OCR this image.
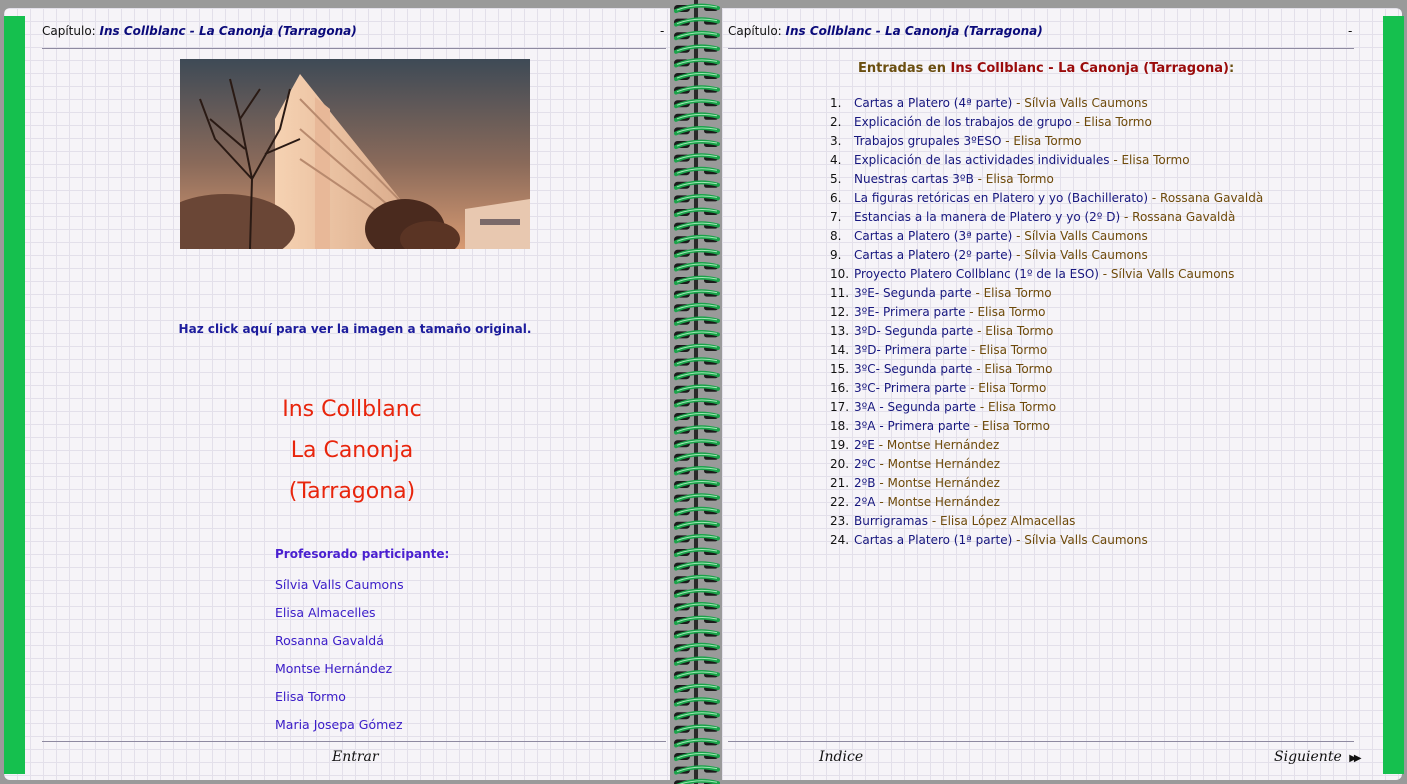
Capítulo: Ins Collblanc - La Canonja (Tarragona)	-
Haz click aquí para ver la imagen a tamaño original.
Ins Collblanc
La Canonja
(Tarragona)
Profesorado participante:
Sílvia Valls Caumons
Elisa Almacelles
Rosanna Gavaldá
Montse Hernández
Elisa Tormo
Maria Josepa Gómez
Entrar
Capítulo: Ins Collblanc - La Canonja (Tarragona)	-
Entradas en Ins Collblanc - La Canonja (Tarragona):
1. Cartas a Platero (4ª parte) - Sílvia Valls Caumons
2. Explicación de los trabajos de grupo - Elisa Tormo
3. Trabajos grupales 3ºESO - Elisa Tormo
4. Explicación de las actividades individuales - Elisa Tormo
5. Nuestras cartas 3ºB - Elisa Tormo
6. La figuras retóricas en Platero y yo (Bachillerato) - Rossana Gavaldà
7. Estancias a la manera de Platero y yo (2º D) - Rossana Gavaldà
8. Cartas a Platero (3ª parte) - Sílvia Valls Caumons
9. Cartas a Platero (2º parte) - Sílvia Valls Caumons
10. Proyecto Platero Collblanc (1º de la ESO) - Sílvia Valls Caumons
11. 3ºE- Segunda parte - Elisa Tormo
12. 3ºE- Primera parte - Elisa Tormo
13. 3ºD- Segunda parte - Elisa Tormo
14. 3ºD- Primera parte - Elisa Tormo
15. 3ºC- Segunda parte - Elisa Tormo
16. 3ºC- Primera parte - Elisa Tormo
17. 3ºA - Segunda parte - Elisa Tormo
18. 3ºA - Primera parte - Elisa Tormo
19. 2ºE - Montse Hernández
20. 2ºC - Montse Hernández
21. 2ºB - Montse Hernández
22. 2ºA - Montse Hernández
23. Burrigramas - Elisa López Almacellas
24. Cartas a Platero (1ª parte) - Sílvia Valls Caumons
Indice	Siguiente ▶▶
